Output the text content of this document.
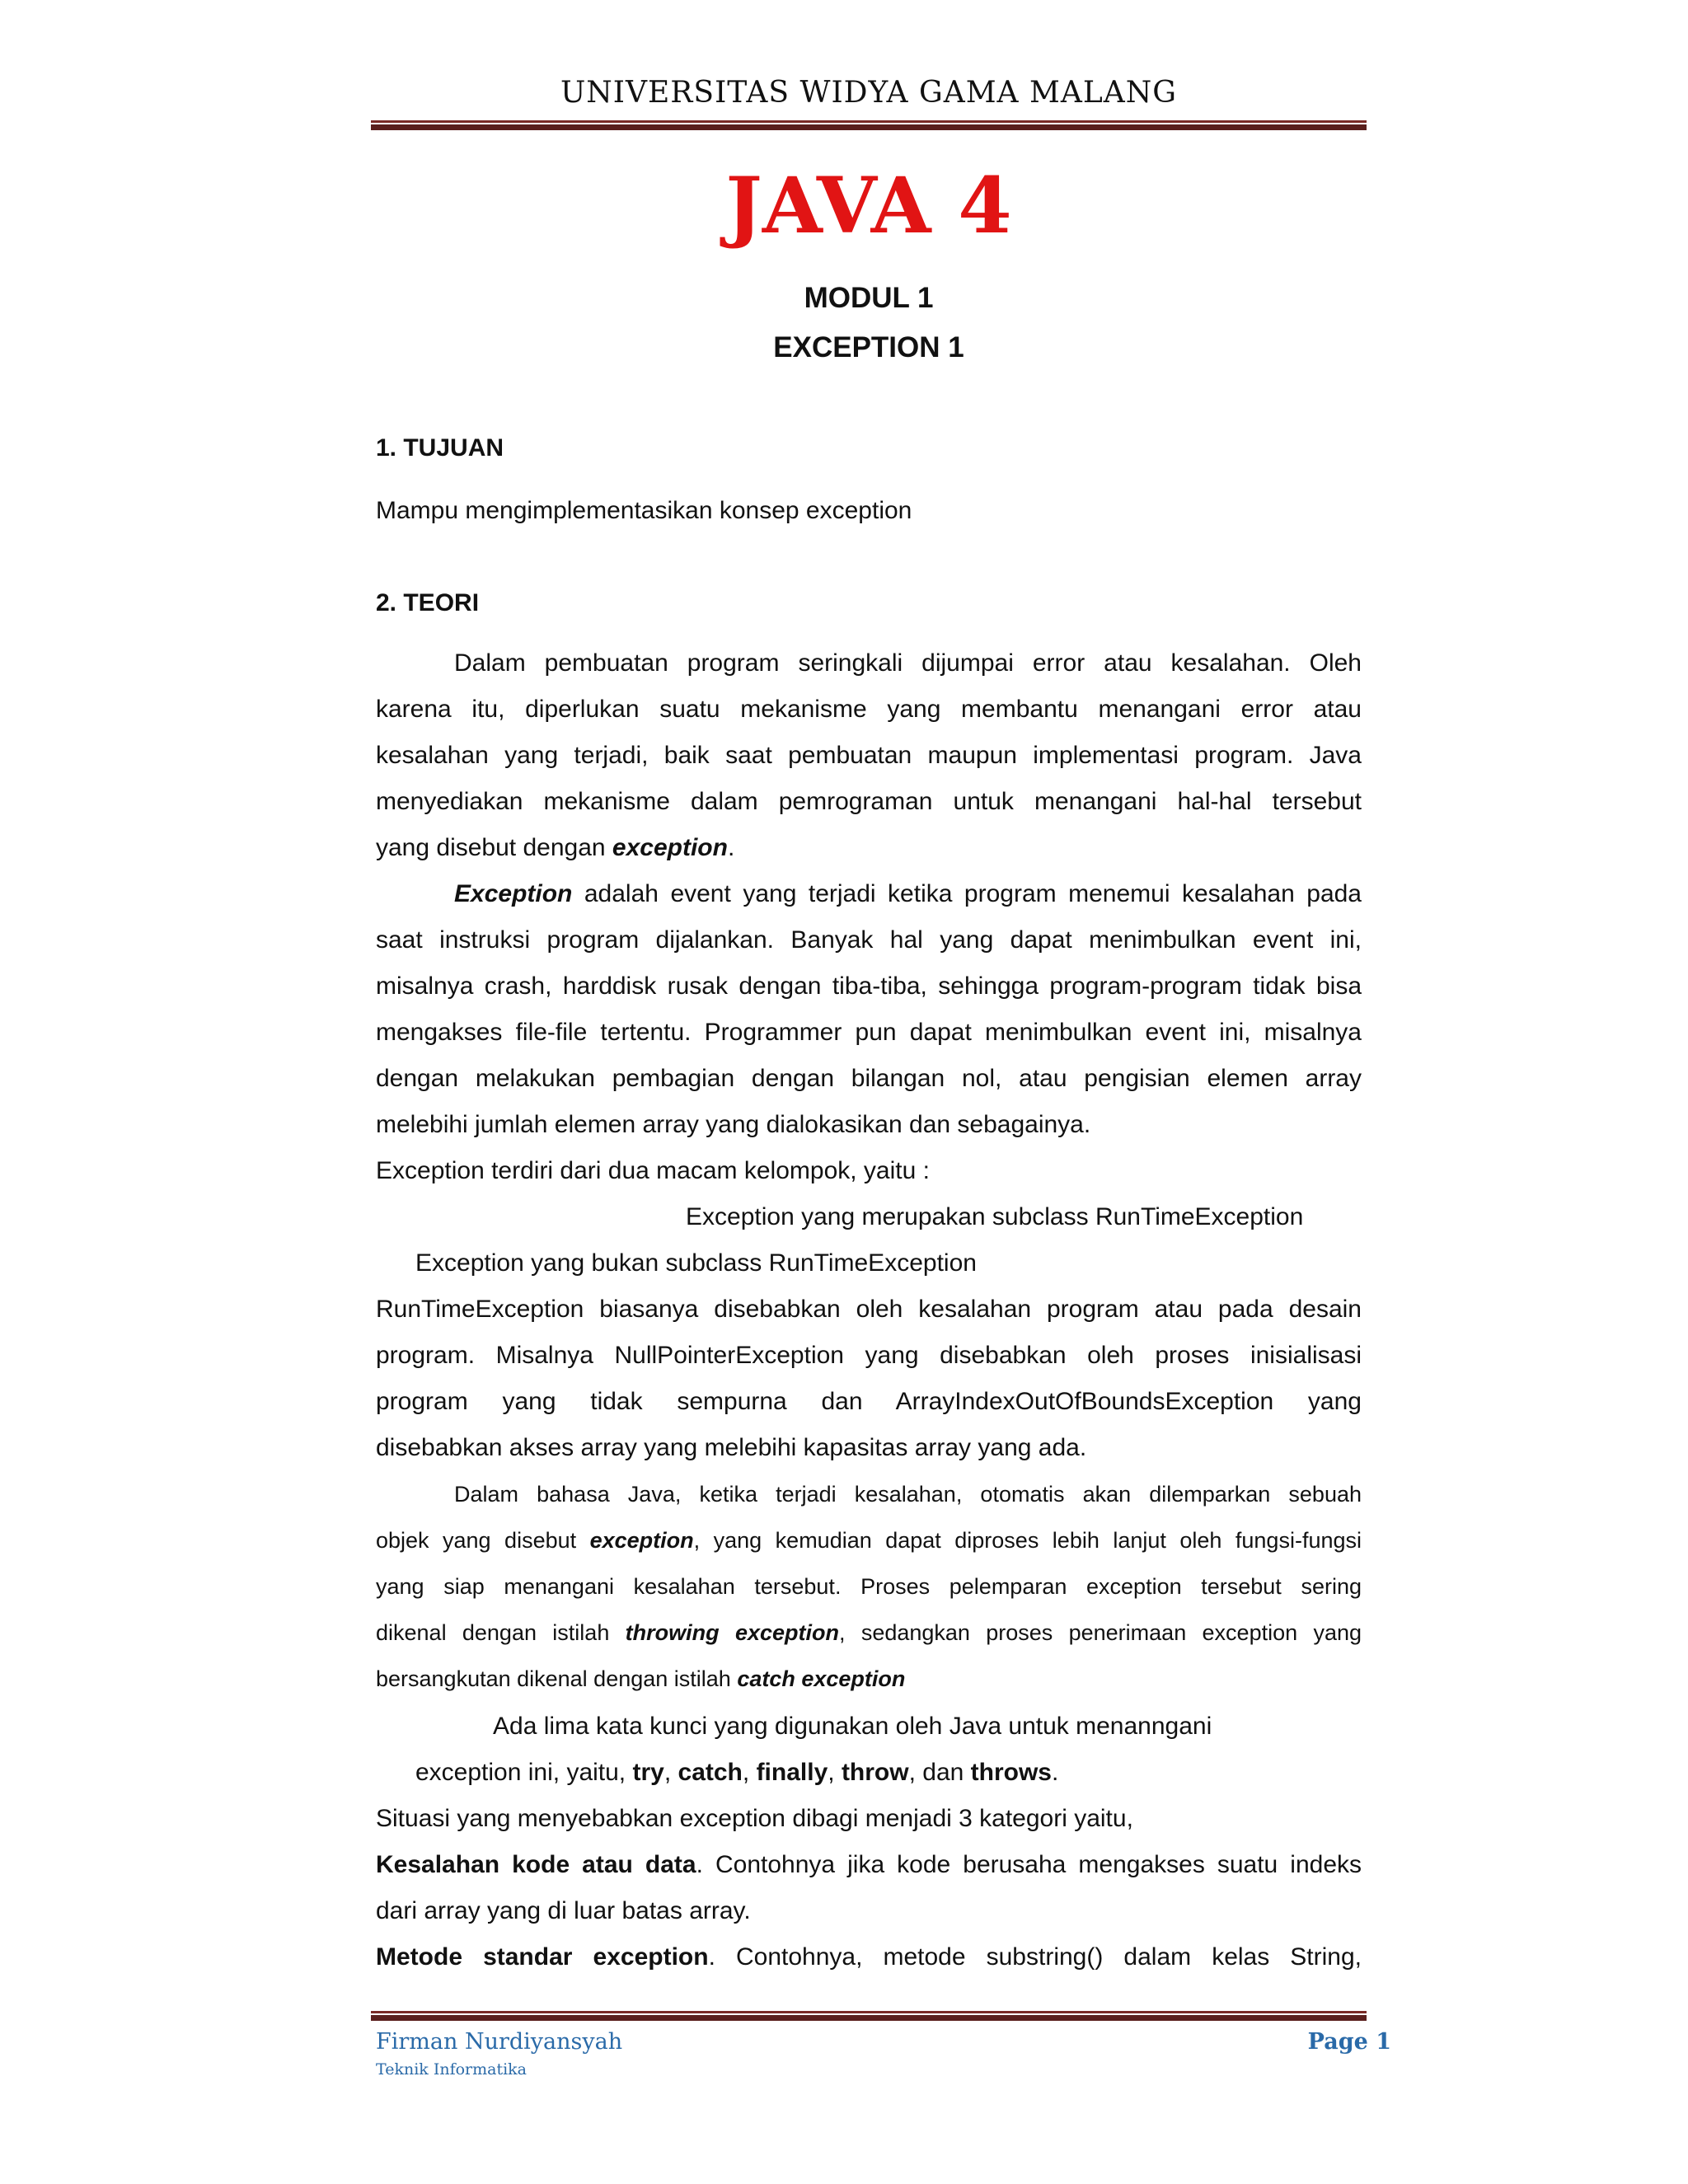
UNIVERSITAS WIDYA GAMA MALANG
JAVA 4
MODUL 1
EXCEPTION 1
1. TUJUAN
Mampu mengimplementasikan konsep exception
2. TEORI
Dalam pembuatan program seringkali dijumpai error atau kesalahan. Oleh
karena itu, diperlukan suatu mekanisme yang membantu menangani error atau
kesalahan yang terjadi, baik saat pembuatan maupun implementasi program. Java
menyediakan mekanisme dalam pemrograman untuk menangani hal-hal tersebut
yang disebut dengan exception.
Exception adalah event yang terjadi ketika program menemui kesalahan pada
saat instruksi program dijalankan. Banyak hal yang dapat menimbulkan event ini,
misalnya crash, harddisk rusak dengan tiba-tiba, sehingga program-program tidak bisa
mengakses file-file tertentu. Programmer pun dapat menimbulkan event ini, misalnya
dengan melakukan pembagian dengan bilangan nol, atau pengisian elemen array
melebihi jumlah elemen array yang dialokasikan dan sebagainya.
Exception terdiri dari dua macam kelompok, yaitu :
Exception yang merupakan subclass RunTimeException
Exception yang bukan subclass RunTimeException
RunTimeException biasanya disebabkan oleh kesalahan program atau pada desain
program. Misalnya NullPointerException yang disebabkan oleh proses inisialisasi
program yang tidak sempurna dan ArrayIndexOutOfBoundsException yang
disebabkan akses array yang melebihi kapasitas array yang ada.
Dalam bahasa Java, ketika terjadi kesalahan, otomatis akan dilemparkan sebuah
objek yang disebut exception, yang kemudian dapat diproses lebih lanjut oleh fungsi-fungsi
yang siap menangani kesalahan tersebut. Proses pelemparan exception tersebut sering
dikenal dengan istilah throwing exception, sedangkan proses penerimaan exception yang
bersangkutan dikenal dengan istilah catch exception
Ada lima kata kunci yang digunakan oleh Java untuk menanngani
exception ini, yaitu, try, catch, finally, throw, dan throws.
Situasi yang menyebabkan exception dibagi menjadi 3 kategori yaitu,
Kesalahan kode atau data. Contohnya jika kode berusaha mengakses suatu indeks
dari array yang di luar batas array.
Metode standar exception. Contohnya, metode substring() dalam kelas String,
Firman Nurdiyansyah
Teknik Informatika
Page 1
